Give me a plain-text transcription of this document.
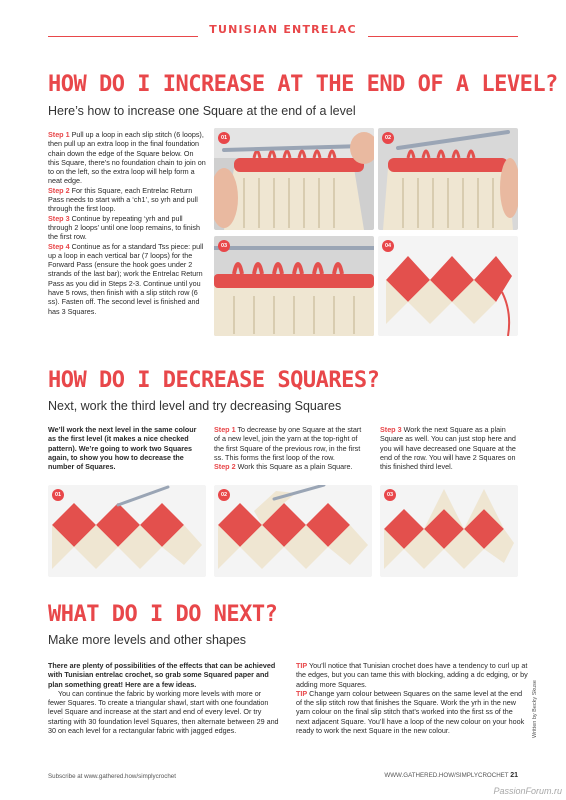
TUNISIAN ENTRELAC
HOW DO I INCREASE AT THE END OF A LEVEL?

Here’s how to increase one Square at the end of a level

Step 1 Pull up a loop in each slip stitch (6 loops), then pull up an extra loop in the final foundation chain down the edge of the Square below. On this Square, there’s no foundation chain to join on to on the left, so the extra loop will help form a neat edge.
Step 2 For this Square, each Entrelac Return Pass needs to start with a ‘ch1’, so yrh and pull through the first loop.
Step 3 Continue by repeating ‘yrh and pull through 2 loops’ until one loop remains, to finish the first row.
Step 4 Continue as for a standard Tss piece: pull up a loop in each vertical bar (7 loops) for the Forward Pass (ensure the hook goes under 2 strands of the last bar); work the Entrelac Return Pass as you did in Steps 2-3. Continue until you have 5 rows, then finish with a slip stitch row (6 ss). Fasten off. The second level is finished and has 3 Squares.
01	02
03	04
HOW DO I DECREASE SQUARES?

Next, work the third level and try decreasing Squares

We’ll work the next level in the same colour as the first level (it makes a nice checked pattern). We’re going to work two Squares again, to show you how to decrease the number of Squares.
Step 1 To decrease by one Square at the start of a new level, join the yarn at the top-right of the first Square of the previous row, in the first ss. This forms the first loop of the row.
Step 2 Work this Square as a plain Square.
Step 3 Work the next Square as a plain Square as well. You can just stop here and you will have decreased one Square at the end of the row. You will have 2 Squares on this finished third level.
01	02	03
WHAT DO I DO NEXT?

Make more levels and other shapes

There are plenty of possibilities of the effects that can be achieved with Tunisian entrelac crochet, so grab some Squared paper and plan something great! Here are a few ideas.
You can continue the fabric by working more levels with more or fewer Squares. To create a triangular shawl, start with one foundation level Square and increase at the start and end of every level. Or try starting with 30 foundation level Squares, then alternate between 29 and 30 on each level for a rectangular fabric with jagged edges.
TIP You’ll notice that Tunisian crochet does have a tendency to curl up at the edges, but you can tame this with blocking, adding a dc edging, or by adding more Squares.
TIP Change yarn colour between Squares on the same level at the end of the slip stitch row that finishes the Square. Work the yrh in the new yarn colour on the final slip stitch that’s worked into the first ss of the next adjacent Square. You’ll have a loop of the new colour on your hook ready to work the next Square in the new colour.	Written by Becky Skuse
Subscribe at www.gathered.how/simplycrochet	WWW.GATHERED.HOW/SIMPLYCROCHET 21
PassionForum.ru
